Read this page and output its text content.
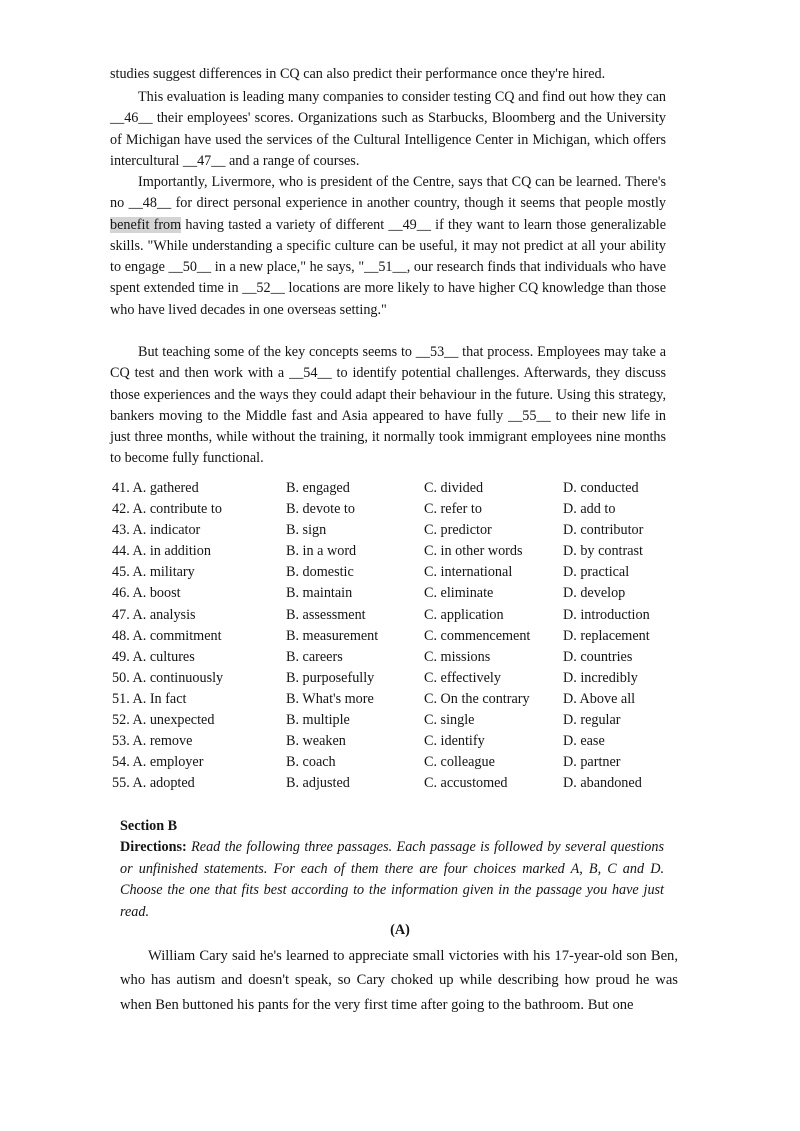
studies suggest differences in CQ can also predict their performance once they're hired.

This evaluation is leading many companies to consider testing CQ and find out how they can __46__ their employees' scores. Organizations such as Starbucks, Bloomberg and the University of Michigan have used the services of the Cultural Intelligence Center in Michigan, which offers intercultural __47__ and a range of courses.

Importantly, Livermore, who is president of the Centre, says that CQ can be learned. There's no __48__ for direct personal experience in another country, though it seems that people mostly benefit from having tasted a variety of different __49__ if they want to learn those generalizable skills. "While understanding a specific culture can be useful, it may not predict at all your ability to engage __50__ in a new place," he says, "__51__, our research finds that individuals who have spent extended time in __52__ locations are more likely to have higher CQ knowledge than those who have lived decades in one overseas setting."

But teaching some of the key concepts seems to __53__ that process. Employees may take a CQ test and then work with a __54__ to identify potential challenges. Afterwards, they discuss those experiences and the ways they could adapt their behaviour in the future. Using this strategy, bankers moving to the Middle fast and Asia appeared to have fully __55__ to their new life in just three months, while without the training, it normally took immigrant employees nine months to become fully functional.

41. A. gathered	B. engaged	C. divided	D. conducted
42. A. contribute to	B. devote to	C. refer to	D. add to
43. A. indicator	B. sign	C. predictor	D. contributor
44. A. in addition	B. in a word	C. in other words	D. by contrast
45. A. military	B. domestic	C. international	D. practical
46. A. boost	B. maintain	C. eliminate	D. develop
47. A. analysis	B. assessment	C. application	D. introduction
48. A. commitment	B. measurement	C. commencement D. replacement
49. A. cultures	B. careers	C. missions	D. countries
50. A. continuously	B. purposefully	C. effectively	D. incredibly
51. A. In fact	B. What's more	C. On the contrary D. Above all
52. A. unexpected	B. multiple	C. single	D. regular
53. A. remove	B. weaken	C. identify	D. ease
54. A. employer	B. coach	C. colleague	D. partner
55. A. adopted	B. adjusted	C. accustomed	D. abandoned

Section B

Directions: Read the following three passages. Each passage is followed by several questions or unfinished statements. For each of them there are four choices marked A, B, C and D. Choose the one that fits best according to the information given in the passage you have just read.

(A)

William Cary said he's learned to appreciate small victories with his 17-year-old son Ben, who has autism and doesn't speak, so Cary choked up while describing how proud he was when Ben buttoned his pants for the very first time after going to the bathroom. But one
